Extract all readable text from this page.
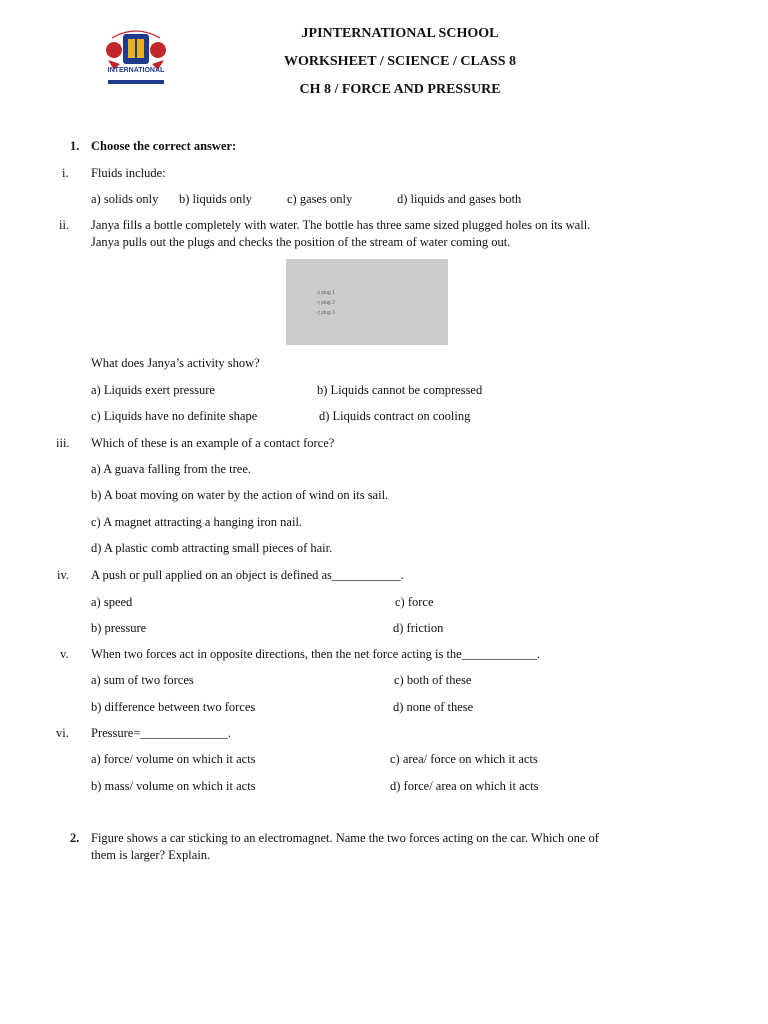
INTERNATIONAL
JPINTERNATIONAL SCHOOL
WORKSHEET / SCIENCE / CLASS 8
CH 8 / FORCE AND PRESSURE
1. Choose the correct answer:
i. Fluids include:
a) solids only b) liquids only	c) gases only	d) liquids and gases both
ii. Janya fills a bottle completely with water. The bottle has three same sized plugged holes on its wall.
Janya pulls out the plugs and checks the position of the stream of water coming out.
◁ plug 1
◁ plug 2
◁ plug 3
What does Janya’s activity show?
a) Liquids exert pressure	b) Liquids cannot be compressed
c) Liquids have no definite shape	d) Liquids contract on cooling
iii. Which of these is an example of a contact force?
a) A guava falling from the tree.
b) A boat moving on water by the action of wind on its sail.
c) A magnet attracting a hanging iron nail.
d) A plastic comb attracting small pieces of hair.
iv. A push or pull applied on an object is defined as___________.
a) speed	c) force
b) pressure	d) friction
v. When two forces act in opposite directions, then the net force acting is the____________.
a) sum of two forces	c) both of these
b) difference between two forces	d) none of these
vi. Pressure=______________.
a) force/ volume on which it acts	c) area/ force on which it acts
b) mass/ volume on which it acts	d) force/ area on which it acts
2. Figure shows a car sticking to an electromagnet. Name the two forces acting on the car. Which one of
them is larger? Explain.
